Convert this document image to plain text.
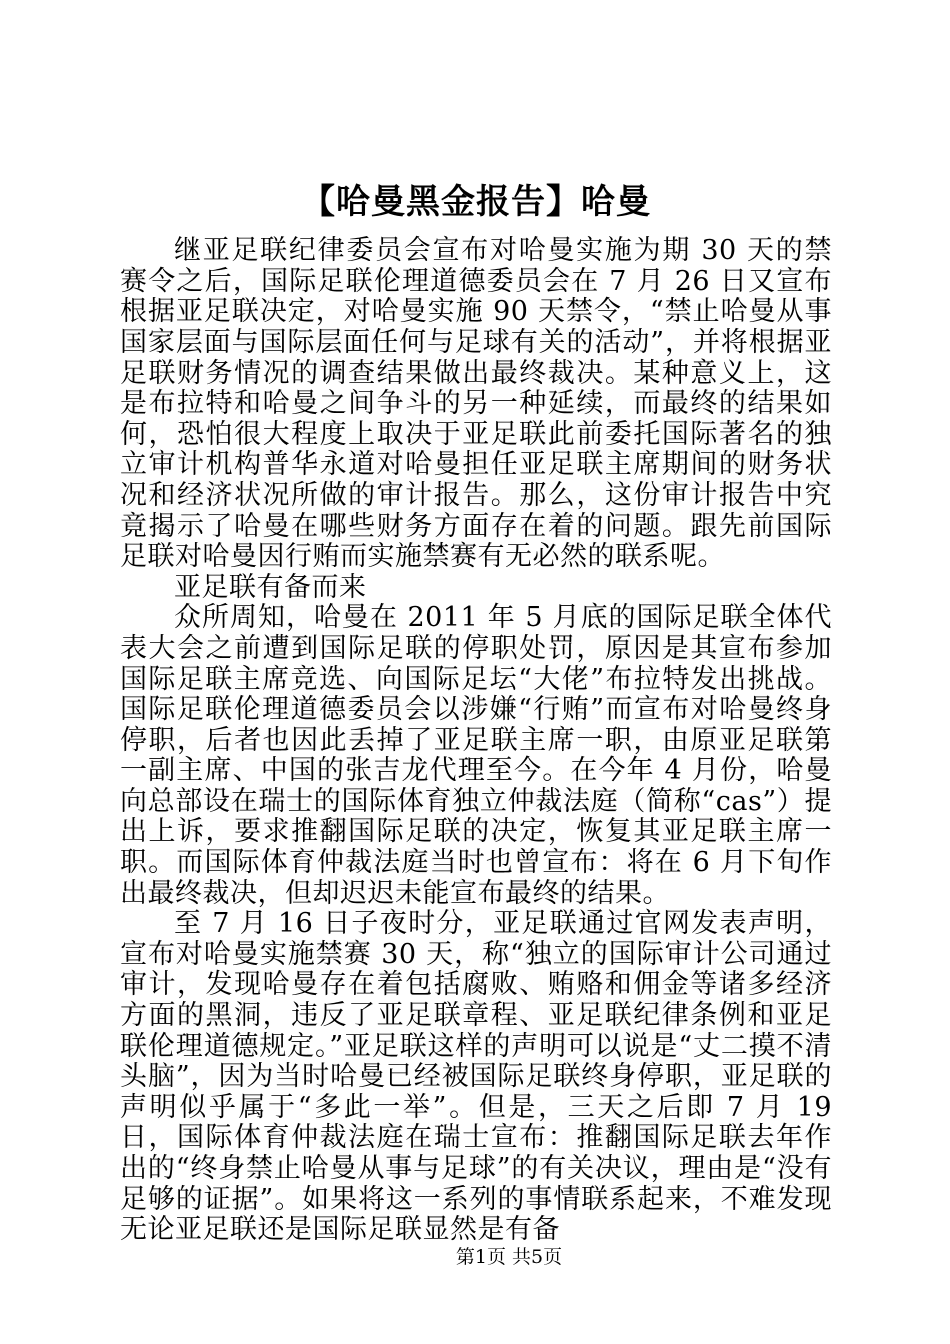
【哈曼黑金报告】哈曼

继亚足联纪律委员会宣布对哈曼实施为期 30 天的禁赛令之后，国际足联伦理道德委员会在 7 月 26 日又宣布根据亚足联决定，对哈曼实施 90 天禁令，“禁止哈曼从事国家层面与国际层面任何与足球有关的活动”，并将根据亚足联财务情况的调查结果做出最终裁决。某种意义上，这是布拉特和哈曼之间争斗的另一种延续，而最终的结果如何，恐怕很大程度上取决于亚足联此前委托国际著名的独立审计机构普华永道对哈曼担任亚足联主席期间的财务状况和经济状况所做的审计报告。那么，这份审计报告中究竟揭示了哈曼在哪些财务方面存在着的问题。跟先前国际足联对哈曼因行贿而实施禁赛有无必然的联系呢。

亚足联有备而来

众所周知，哈曼在 2011 年 5 月底的国际足联全体代表大会之前遭到国际足联的停职处罚，原因是其宣布参加国际足联主席竞选、向国际足坛“大佬”布拉特发出挑战。国际足联伦理道德委员会以涉嫌“行贿”而宣布对哈曼终身停职，后者也因此丢掉了亚足联主席一职，由原亚足联第一副主席、中国的张吉龙代理至今。在今年 4 月份，哈曼向总部设在瑞士的国际体育独立仲裁法庭（简称“cas”）提出上诉，要求推翻国际足联的决定，恢复其亚足联主席一职。而国际体育仲裁法庭当时也曾宣布：将在 6 月下旬作出最终裁决，但却迟迟未能宣布最终的结果。

至 7 月 16 日子夜时分，亚足联通过官网发表声明，宣布对哈曼实施禁赛 30 天，称“独立的国际审计公司通过审计，发现哈曼存在着包括腐败、贿赂和佣金等诸多经济方面的黑洞，违反了亚足联章程、亚足联纪律条例和亚足联伦理道德规定。”亚足联这样的声明可以说是“丈二摸不清头脑”，因为当时哈曼已经被国际足联终身停职，亚足联的声明似乎属于“多此一举”。但是，三天之后即 7 月 19 日，国际体育仲裁法庭在瑞士宣布：推翻国际足联去年作出的“终身禁止哈曼从事与足球”的有关决议，理由是“没有足够的证据”。如果将这一系列的事情联系起来，不难发现无论亚足联还是国际足联显然是有备

第1页 共5页
